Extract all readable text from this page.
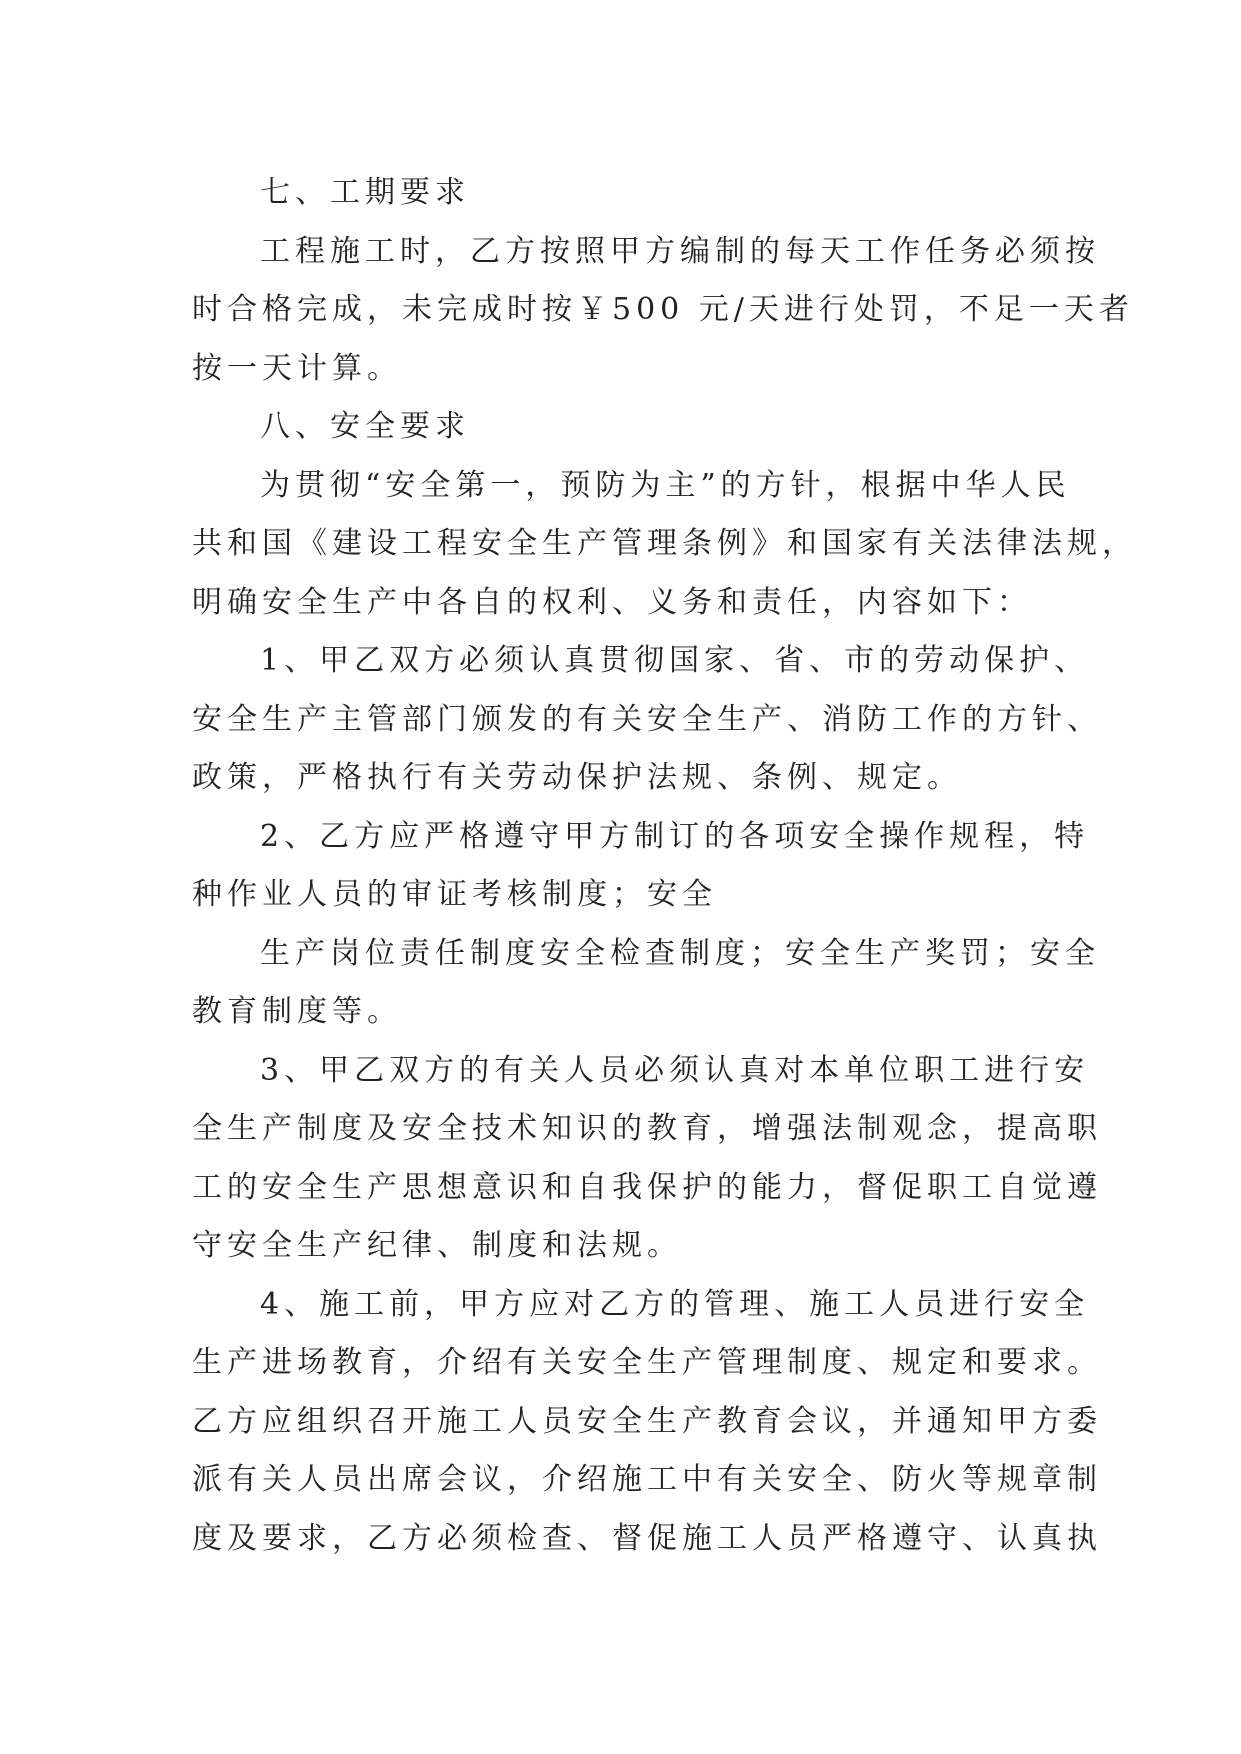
七、工期要求
工程施工时，乙方按照甲方编制的每天工作任务必须按
时合格完成，未完成时按￥500 元/天进行处罚，不足一天者
按一天计算。
八、安全要求
为贯彻“安全第一，预防为主”的方针，根据中华人民
共和国《建设工程安全生产管理条例》和国家有关法律法规，
明确安全生产中各自的权利、义务和责任，内容如下：
1、甲乙双方必须认真贯彻国家、省、市的劳动保护、
安全生产主管部门颁发的有关安全生产、消防工作的方针、
政策，严格执行有关劳动保护法规、条例、规定。
2、乙方应严格遵守甲方制订的各项安全操作规程，特
种作业人员的审证考核制度；安全
生产岗位责任制度安全检查制度；安全生产奖罚；安全
教育制度等。
3、甲乙双方的有关人员必须认真对本单位职工进行安
全生产制度及安全技术知识的教育，增强法制观念，提高职
工的安全生产思想意识和自我保护的能力，督促职工自觉遵
守安全生产纪律、制度和法规。
4、施工前，甲方应对乙方的管理、施工人员进行安全
生产进场教育，介绍有关安全生产管理制度、规定和要求。
乙方应组织召开施工人员安全生产教育会议，并通知甲方委
派有关人员出席会议，介绍施工中有关安全、防火等规章制
度及要求，乙方必须检查、督促施工人员严格遵守、认真执
